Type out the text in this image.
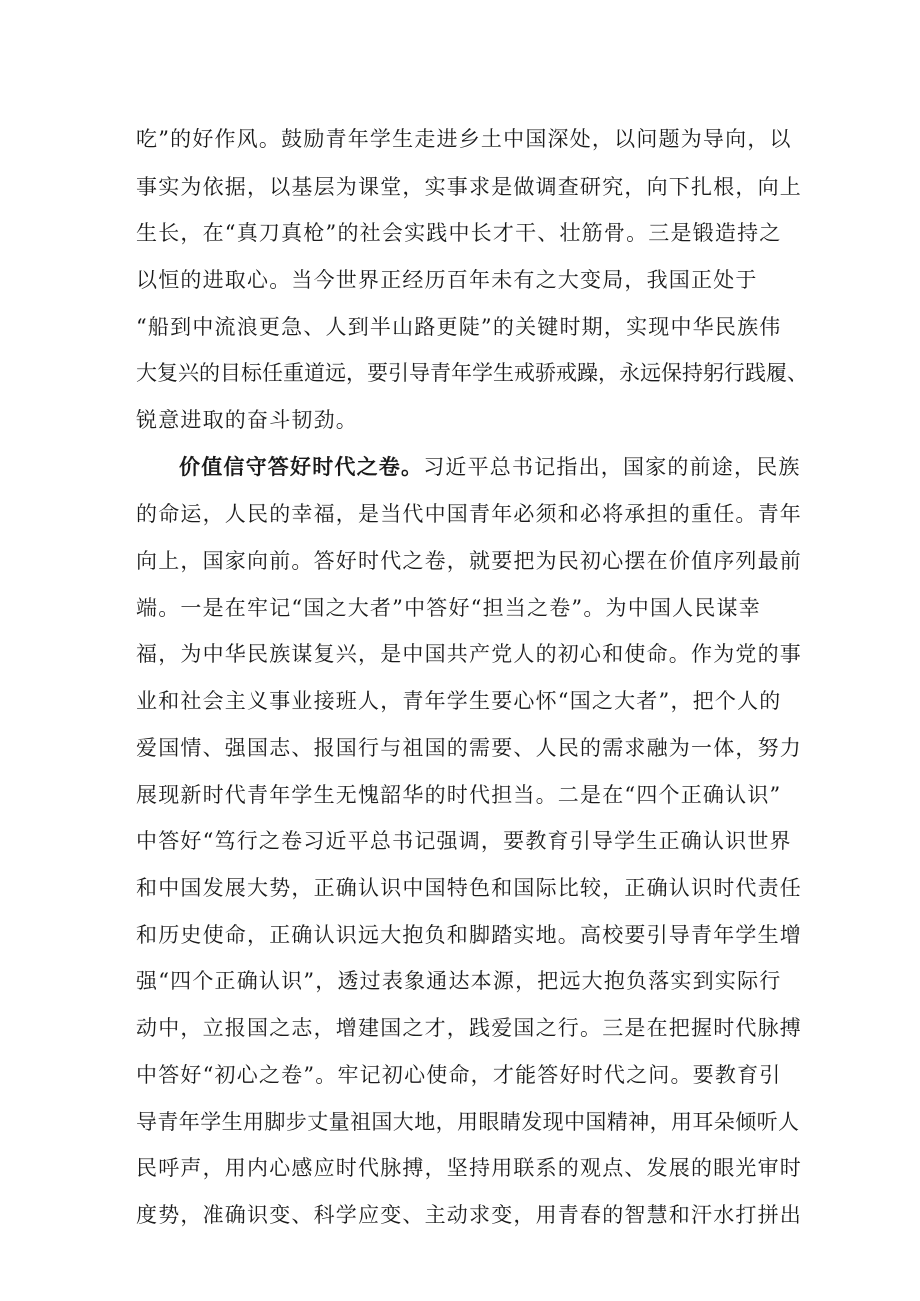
吃”的好作风。鼓励青年学生走进乡土中国深处，以问题为导向，以
事实为依据，以基层为课堂，实事求是做调查研究，向下扎根，向上
生长，在“真刀真枪”的社会实践中长才干、壮筋骨。三是锻造持之
以恒的进取心。当今世界正经历百年未有之大变局，我国正处于
“船到中流浪更急、人到半山路更陡”的关键时期，实现中华民族伟
大复兴的目标任重道远，要引导青年学生戒骄戒躁，永远保持躬行践履、
锐意进取的奋斗韧劲。
价值信守答好时代之卷。习近平总书记指出，国家的前途，民族
的命运，人民的幸福，是当代中国青年必须和必将承担的重任。青年
向上，国家向前。答好时代之卷，就要把为民初心摆在价值序列最前
端。一是在牢记“国之大者”中答好“担当之卷”。为中国人民谋幸
福，为中华民族谋复兴，是中国共产党人的初心和使命。作为党的事
业和社会主义事业接班人，青年学生要心怀“国之大者”，把个人的
爱国情、强国志、报国行与祖国的需要、人民的需求融为一体，努力
展现新时代青年学生无愧韶华的时代担当。二是在“四个正确认识”
中答好“笃行之卷习近平总书记强调，要教育引导学生正确认识世界
和中国发展大势，正确认识中国特色和国际比较，正确认识时代责任
和历史使命，正确认识远大抱负和脚踏实地。高校要引导青年学生增
强“四个正确认识”，透过表象通达本源，把远大抱负落实到实际行
动中，立报国之志，增建国之才，践爱国之行。三是在把握时代脉搏
中答好“初心之卷”。牢记初心使命，才能答好时代之问。要教育引
导青年学生用脚步丈量祖国大地，用眼睛发现中国精神，用耳朵倾听人
民呼声，用内心感应时代脉搏，坚持用联系的观点、发展的眼光审时
度势，准确识变、科学应变、主动求变，用青春的智慧和汗水打拼出
